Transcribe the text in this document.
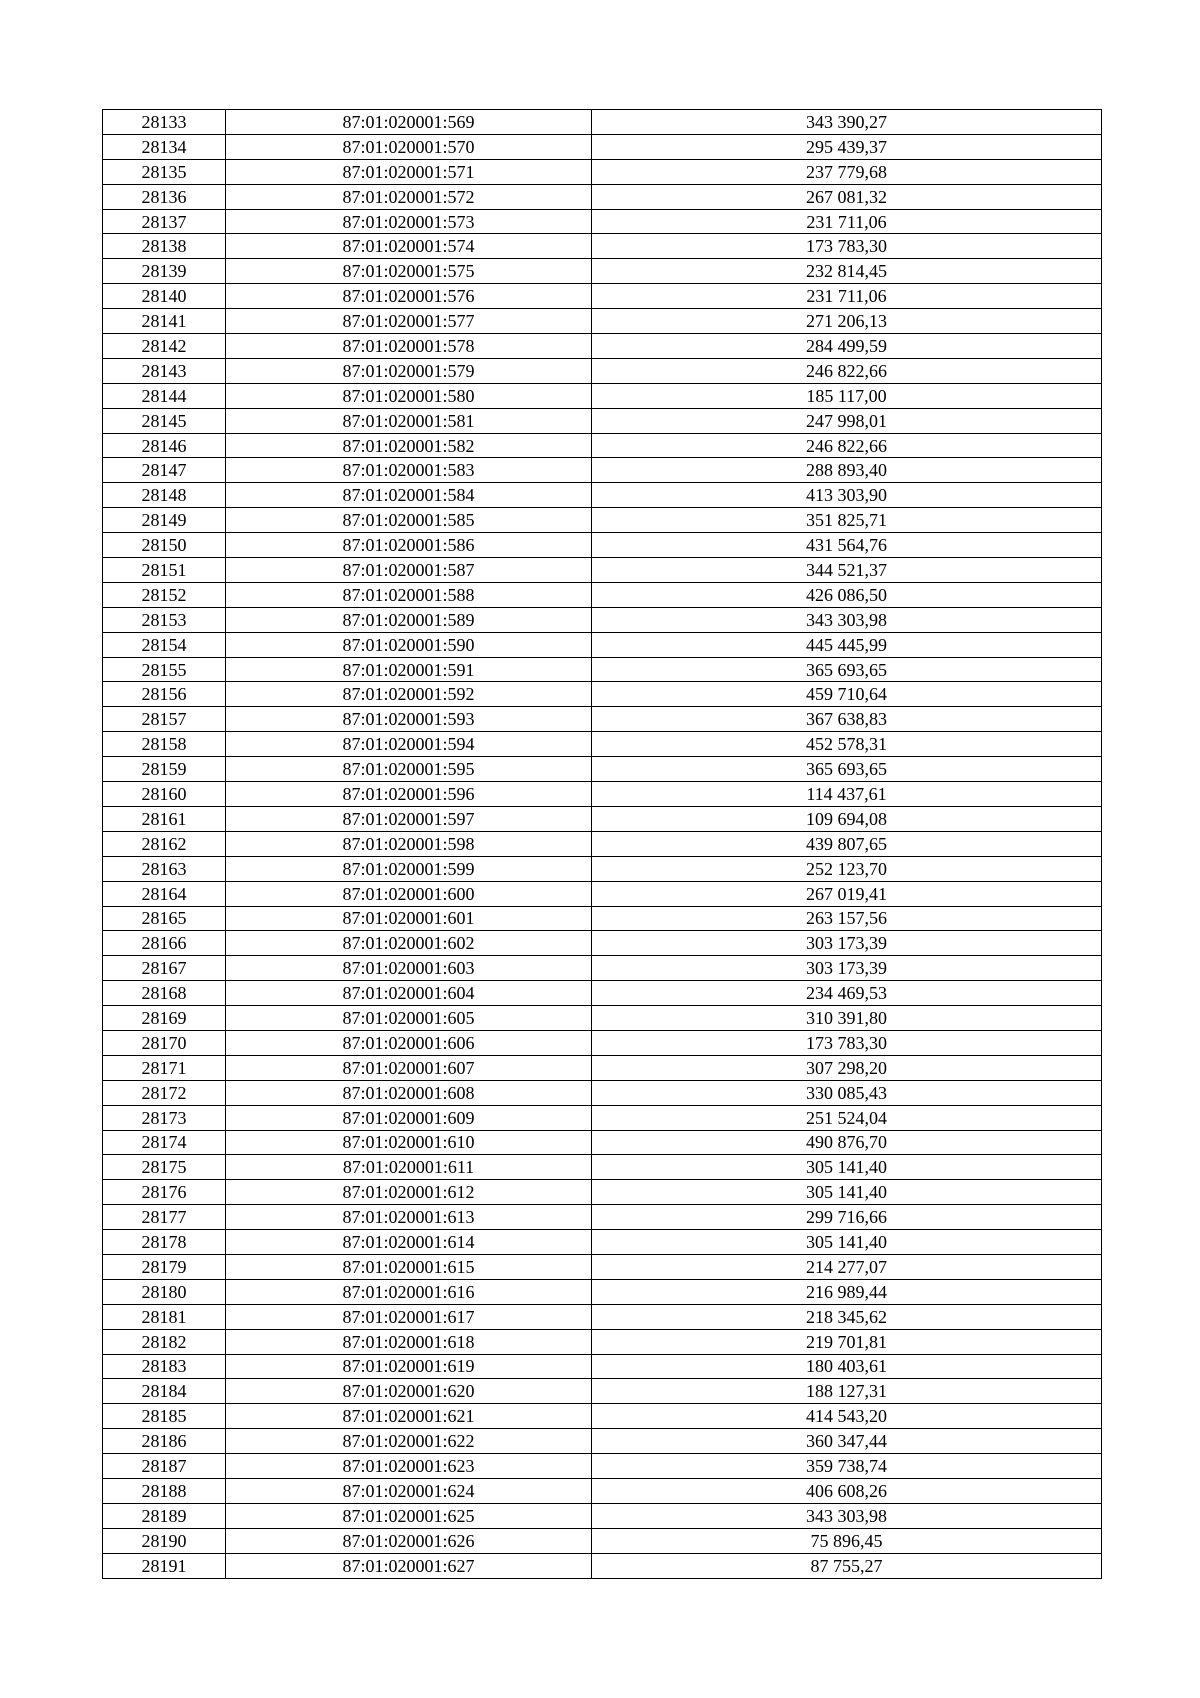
28133	87:01:020001:569	343 390,27
28134	87:01:020001:570	295 439,37
28135	87:01:020001:571	237 779,68
28136	87:01:020001:572	267 081,32
28137	87:01:020001:573	231 711,06
28138	87:01:020001:574	173 783,30
28139	87:01:020001:575	232 814,45
28140	87:01:020001:576	231 711,06
28141	87:01:020001:577	271 206,13
28142	87:01:020001:578	284 499,59
28143	87:01:020001:579	246 822,66
28144	87:01:020001:580	185 117,00
28145	87:01:020001:581	247 998,01
28146	87:01:020001:582	246 822,66
28147	87:01:020001:583	288 893,40
28148	87:01:020001:584	413 303,90
28149	87:01:020001:585	351 825,71
28150	87:01:020001:586	431 564,76
28151	87:01:020001:587	344 521,37
28152	87:01:020001:588	426 086,50
28153	87:01:020001:589	343 303,98
28154	87:01:020001:590	445 445,99
28155	87:01:020001:591	365 693,65
28156	87:01:020001:592	459 710,64
28157	87:01:020001:593	367 638,83
28158	87:01:020001:594	452 578,31
28159	87:01:020001:595	365 693,65
28160	87:01:020001:596	114 437,61
28161	87:01:020001:597	109 694,08
28162	87:01:020001:598	439 807,65
28163	87:01:020001:599	252 123,70
28164	87:01:020001:600	267 019,41
28165	87:01:020001:601	263 157,56
28166	87:01:020001:602	303 173,39
28167	87:01:020001:603	303 173,39
28168	87:01:020001:604	234 469,53
28169	87:01:020001:605	310 391,80
28170	87:01:020001:606	173 783,30
28171	87:01:020001:607	307 298,20
28172	87:01:020001:608	330 085,43
28173	87:01:020001:609	251 524,04
28174	87:01:020001:610	490 876,70
28175	87:01:020001:611	305 141,40
28176	87:01:020001:612	305 141,40
28177	87:01:020001:613	299 716,66
28178	87:01:020001:614	305 141,40
28179	87:01:020001:615	214 277,07
28180	87:01:020001:616	216 989,44
28181	87:01:020001:617	218 345,62
28182	87:01:020001:618	219 701,81
28183	87:01:020001:619	180 403,61
28184	87:01:020001:620	188 127,31
28185	87:01:020001:621	414 543,20
28186	87:01:020001:622	360 347,44
28187	87:01:020001:623	359 738,74
28188	87:01:020001:624	406 608,26
28189	87:01:020001:625	343 303,98
28190	87:01:020001:626	75 896,45
28191	87:01:020001:627	87 755,27
